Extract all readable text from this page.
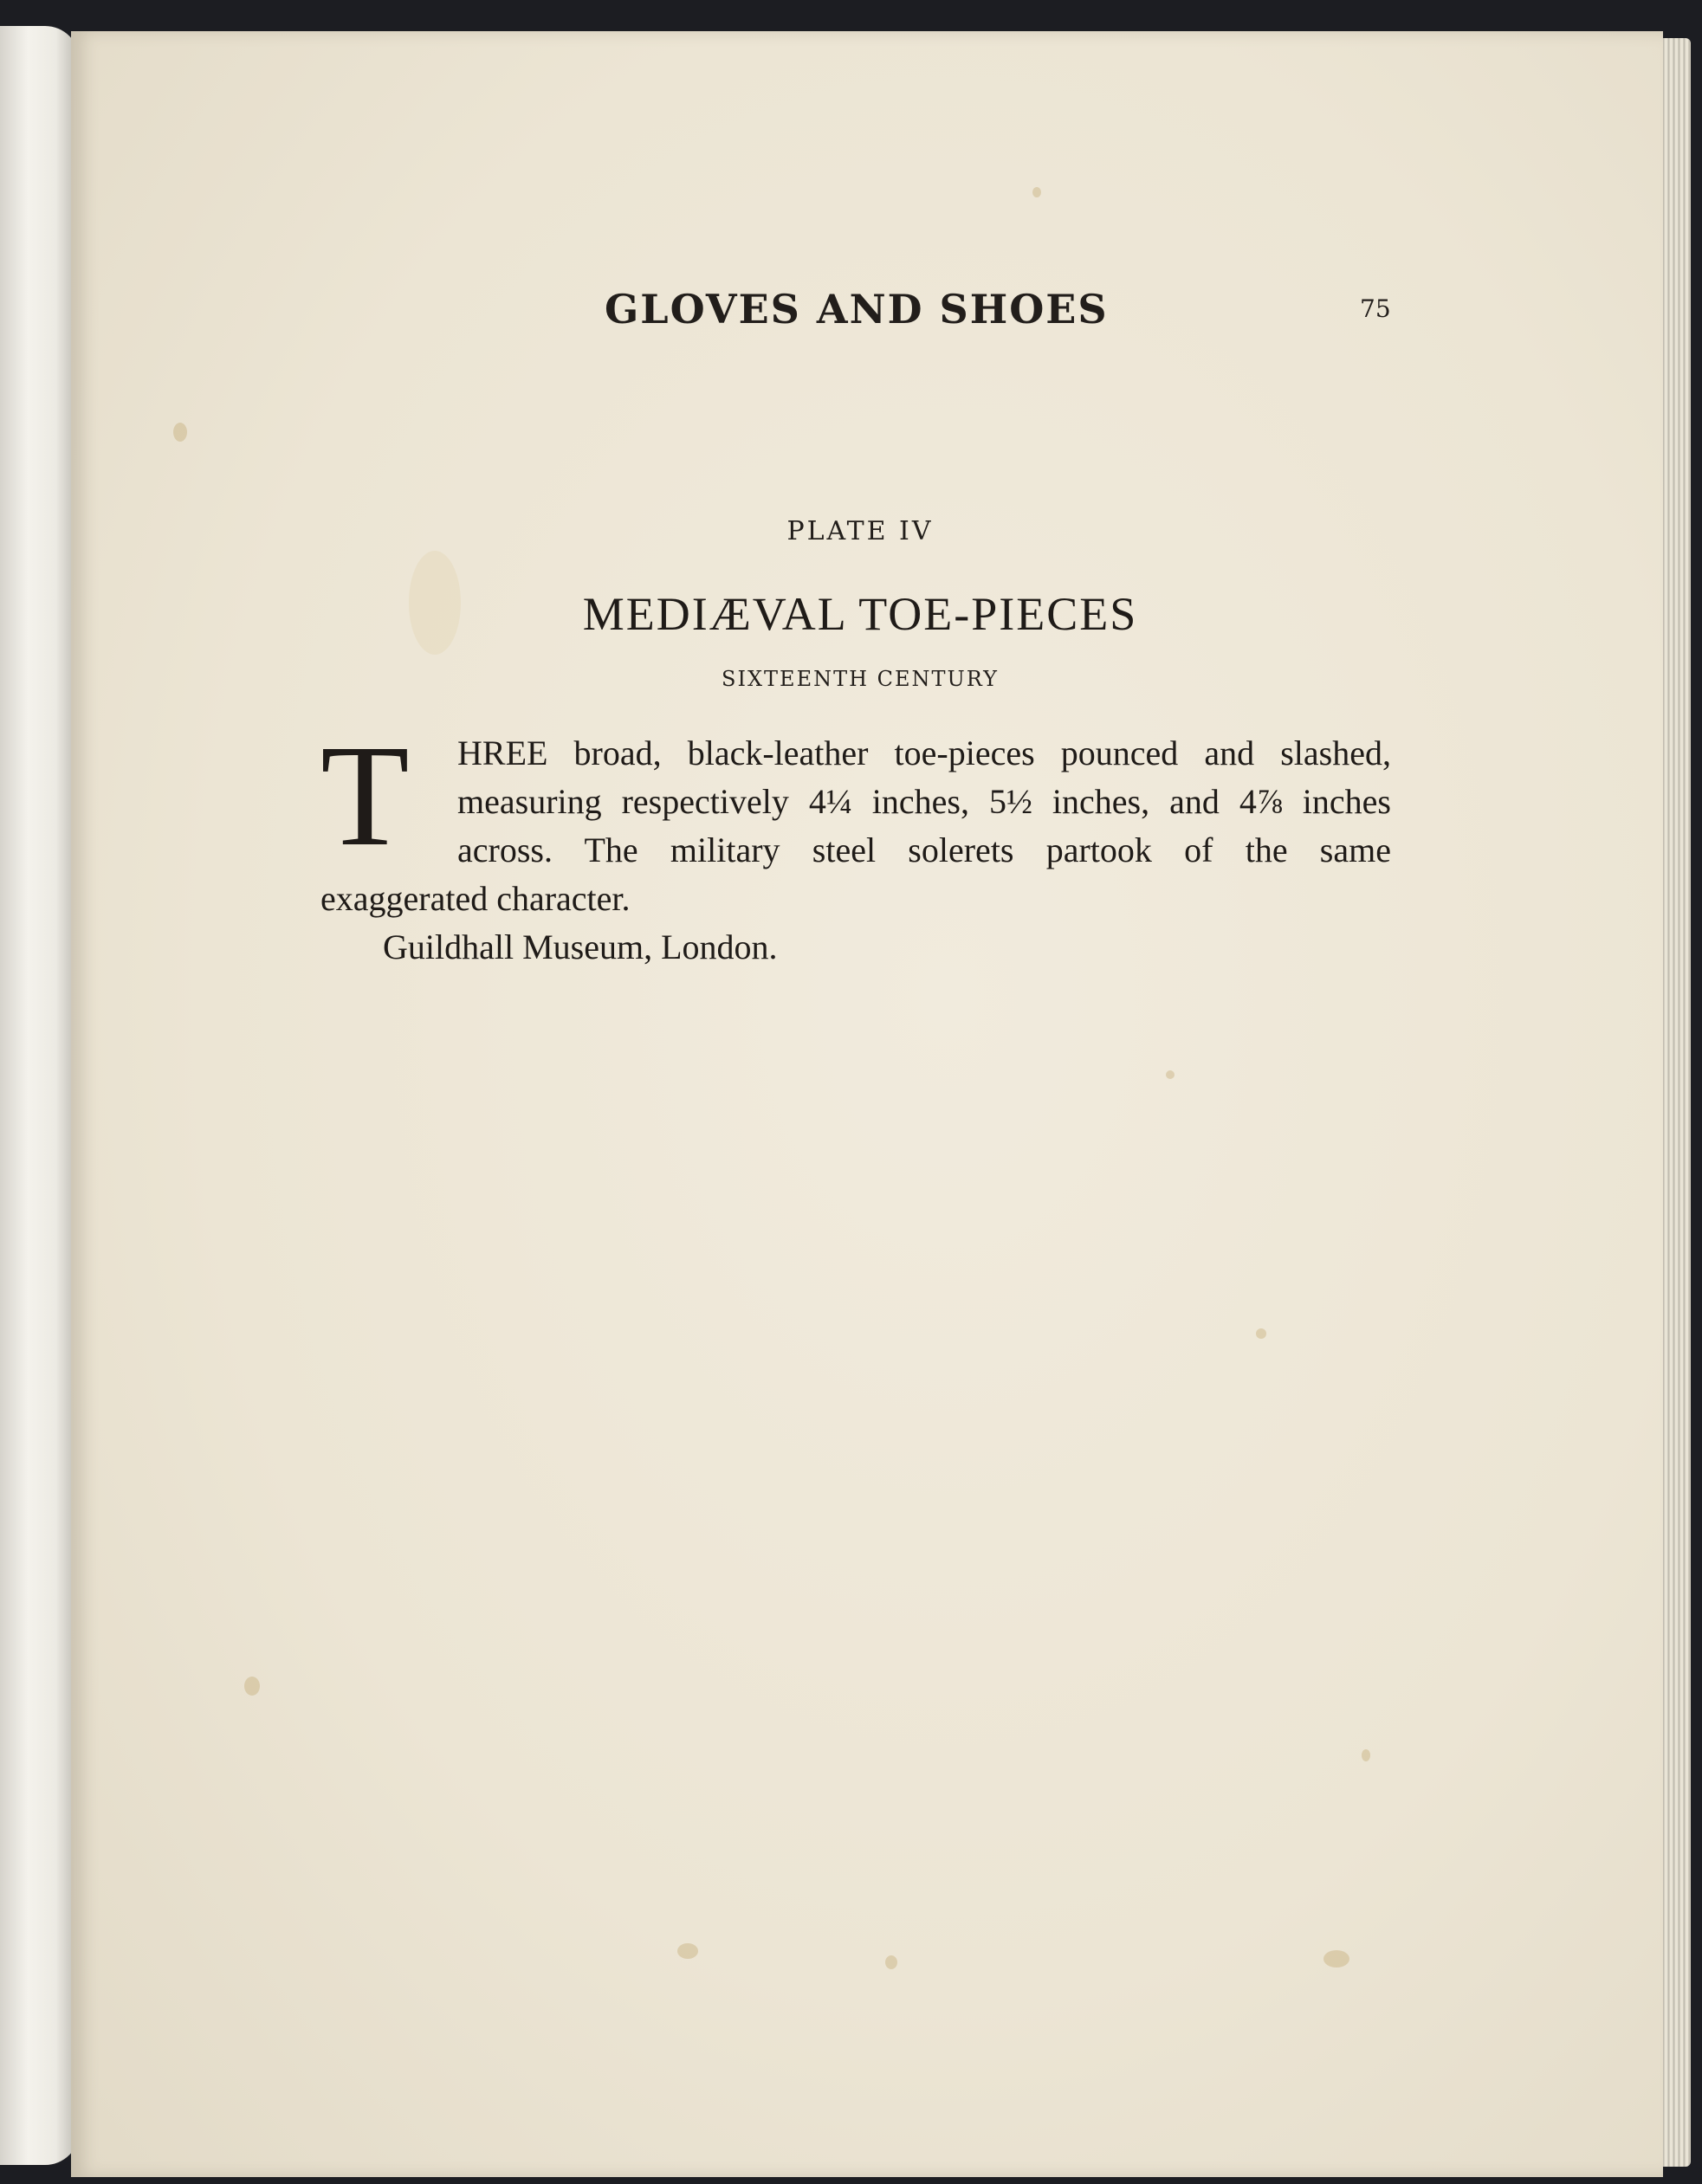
GLOVES AND SHOES	75
PLATE IV
MEDIÆVAL TOE-PIECES
SIXTEENTH CENTURY
T HREE broad, black-leather toe-pieces pounced and slashed,
measuring respectively 4¼ inches, 5½ inches, and 4⅞ inches
across. The military steel solerets partook of the same
exaggerated character.
Guildhall Museum, London.
